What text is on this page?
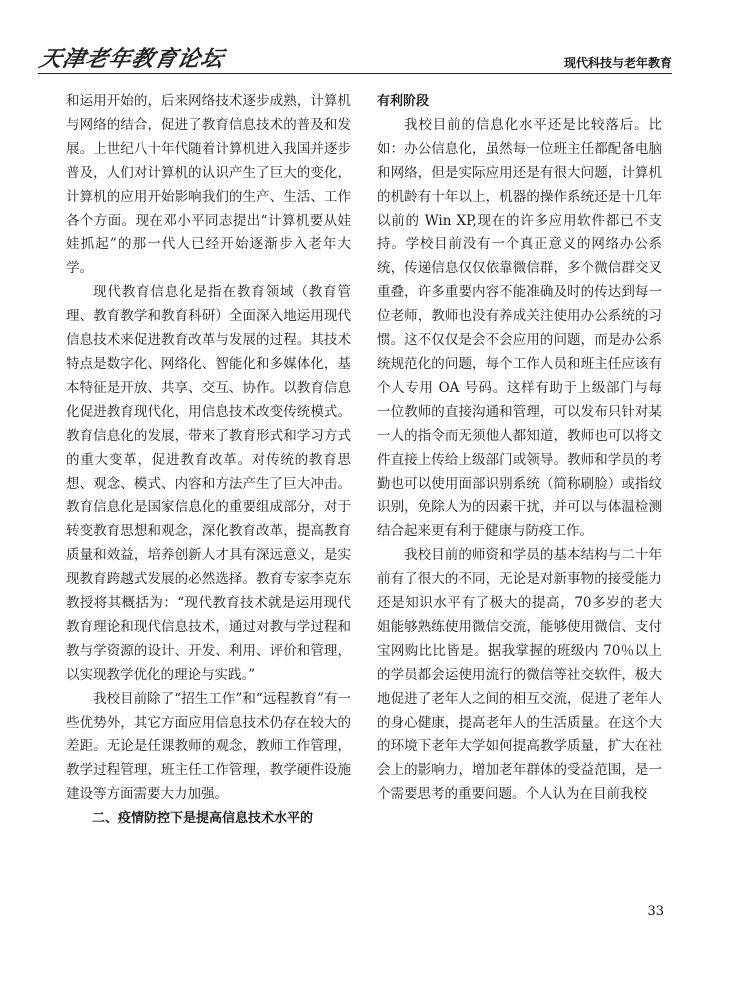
天津老年教育论坛	现代科技与老年教育

和运用开始的，后来网络技术逐步成熟，计算机与网络的结合，促进了教育信息技术的普及和发展。上世纪八十年代随着计算机进入我国并逐步普及，人们对计算机的认识产生了巨大的变化，计算机的应用开始影响我们的生产、生活、工作各个方面。现在邓小平同志提出“计算机要从娃娃抓起”的那一代人已经开始逐渐步入老年大学。

现代教育信息化是指在教育领域（教育管理、教育教学和教育科研）全面深入地运用现代信息技术来促进教育改革与发展的过程。其技术特点是数字化、网络化、智能化和多媒体化，基本特征是开放、共享、交互、协作。以教育信息化促进教育现代化，用信息技术改变传统模式。教育信息化的发展，带来了教育形式和学习方式的重大变革，促进教育改革。对传统的教育思想、观念、模式、内容和方法产生了巨大冲击。教育信息化是国家信息化的重要组成部分，对于转变教育思想和观念，深化教育改革，提高教育质量和效益，培养创新人才具有深远意义，是实现教育跨越式发展的必然选择。教育专家李克东教授将其概括为：“现代教育技术就是运用现代教育理论和现代信息技术，通过对教与学过程和教与学资源的设计、开发、利用、评价和管理，以实现教学优化的理论与实践。”

我校目前除了“招生工作”和“远程教育”有一些优势外，其它方面应用信息技术仍存在较大的差距。无论是任课教师的观念，教师工作管理，教学过程管理，班主任工作管理，教学硬件设施建设等方面需要大力加强。

二、疫情防控下是提高信息技术水平的

有利阶段

我校目前的信息化水平还是比较落后。比如：办公信息化，虽然每一位班主任都配备电脑和网络，但是实际应用还是有很大问题，计算机的机龄有十年以上，机器的操作系统还是十几年以前的 Win XP,现在的许多应用软件都已不支持。学校目前没有一个真正意义的网络办公系统，传递信息仅仅依靠微信群，多个微信群交叉重叠，许多重要内容不能准确及时的传达到每一位老师，教师也没有养成关注使用办公系统的习惯。这不仅仅是会不会应用的问题，而是办公系统规范化的问题，每个工作人员和班主任应该有个人专用 OA 号码。这样有助于上级部门与每一位教师的直接沟通和管理，可以发布只针对某一人的指令而无须他人都知道，教师也可以将文件直接上传给上级部门或领导。教师和学员的考勤也可以使用面部识别系统（简称刷脸）或指纹识别，免除人为的因素干扰，并可以与体温检测结合起来更有利于健康与防疫工作。

我校目前的师资和学员的基本结构与二十年前有了很大的不同，无论是对新事物的接受能力还是知识水平有了极大的提高，70多岁的老大姐能够熟练使用微信交流，能够使用微信、支付宝网购比比皆是。据我掌握的班级内 70％以上的学员都会运使用流行的微信等社交软件，极大地促进了老年人之间的相互交流，促进了老年人的身心健康，提高老年人的生活质量。在这个大的环境下老年大学如何提高教学质量，扩大在社会上的影响力，增加老年群体的受益范围，是一个需要思考的重要问题。个人认为在目前我校

33
